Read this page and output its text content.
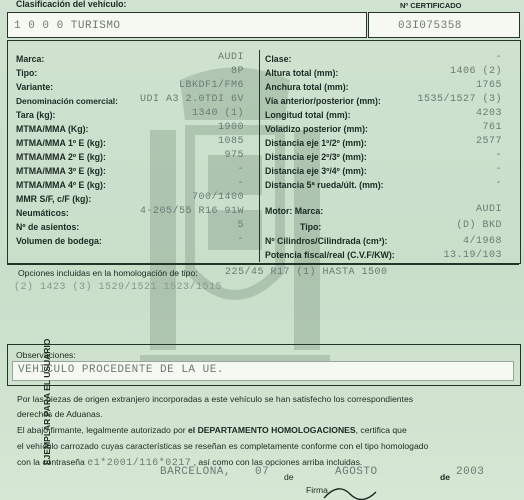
Clasificación del vehículo:
1 0 0 0 TURISMO
Nº CERTIFICADO
03I075358
Marca:	AUDI
Tipo:	8P
Variante:	LBKDF1/FM6
Denominación comercial: UDI A3 2.0TDI 6V
Tara (kg):	1340 (1)
MTMA/MMA (Kg):	1900
MTMA/MMA 1º E (kg):	1085
MTMA/MMA 2º E (kg):	975
MTMA/MMA 3º E (kg):	-
MTMA/MMA 4º E (kg):	-
MMR S/F, c/F (kg):	700/1400
Neumáticos:	4-205/55 R16 91W
Nº de asientos:	5
Volumen de bodega:	-
Clase:	-
Altura total (mm):	1406 (2)
Anchura total (mm):	1765
Vía anterior/posterior (mm):	1535/1527 (3)
Longitud total (mm):	4203
Voladizo posterior (mm):	761
Distancia eje 1º/2º (mm):	2577
Distancia eje 2º/3º (mm):	-
Distancia eje 3º/4º (mm):	-
Distancia 5ª rueda/últ. (mm):	-
Motor: Marca:	AUDI
Tipo:	(D) BKD
Nº Cilindros/Cilindrada (cm³):	4/1968
Potencia fiscal/real (C.V.F/KW):	13.19/103
Opciones incluidas en la homologación de tipo:	225/45 R17 (1) HASTA 1500
(2) 1423 (3) 1529/1521 1523/1515
Observaciones:
VEHICULO PROCEDENTE DE LA UE.
EJEMPLAR PARA EL USUARIO
Por las piezas de origen extranjero incorporadas a este vehículo se han satisfecho los correspondientes
derechos de Aduanas.
El abajo firmante, legalmente autorizado por el DEPARTAMENTO HOMOLOGACIONES, certifica que
el vehículo carrozado cuyas características se reseñan es completamente conforme con el tipo homologado
con la contraseña e1*2001/116*0217 , así como con las opciones arriba incluidas.
BARCELONA, 07 de	AGOSTO	de 2003
Firma,
